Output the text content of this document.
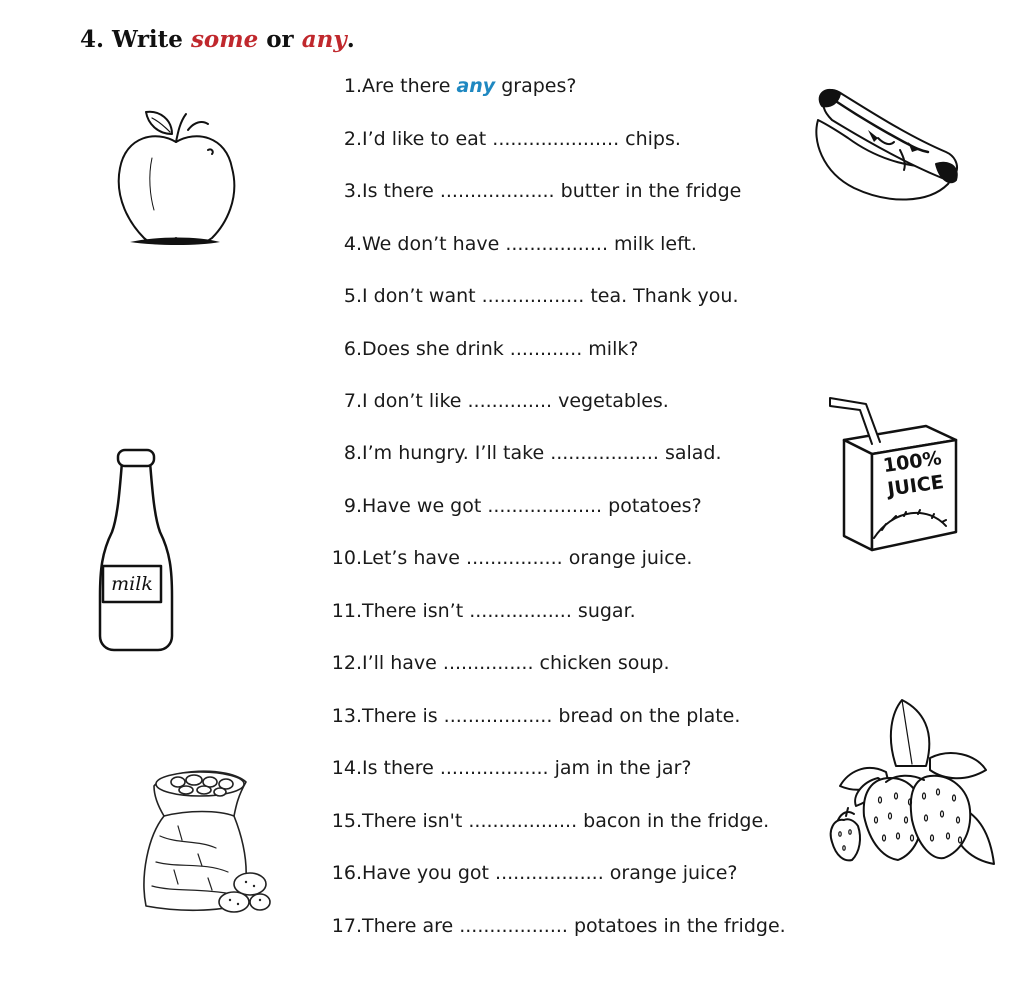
4. Write some or any.
1.Are there any grapes?
2.I’d like to eat ..................... chips.
3.Is there ................... butter in the fridge
4.We don’t have ................. milk left.
5.I don’t want ................. tea. Thank you.
6.Does she drink ............ milk?
7.I don’t like .............. vegetables.
8.I’m hungry. I’ll take .................. salad.
9.Have we got ................... potatoes?
10.Let’s have ................ orange juice.
11.There isn’t ................. sugar.
12.I’ll have ............... chicken soup.
13.There is .................. bread on the plate.
14.Is there .................. jam in the jar?
15.There isn't .................. bacon in the fridge.
16.Have you got .................. orange juice?
17.There are .................. potatoes in the fridge.
milk
100%
JUICE
